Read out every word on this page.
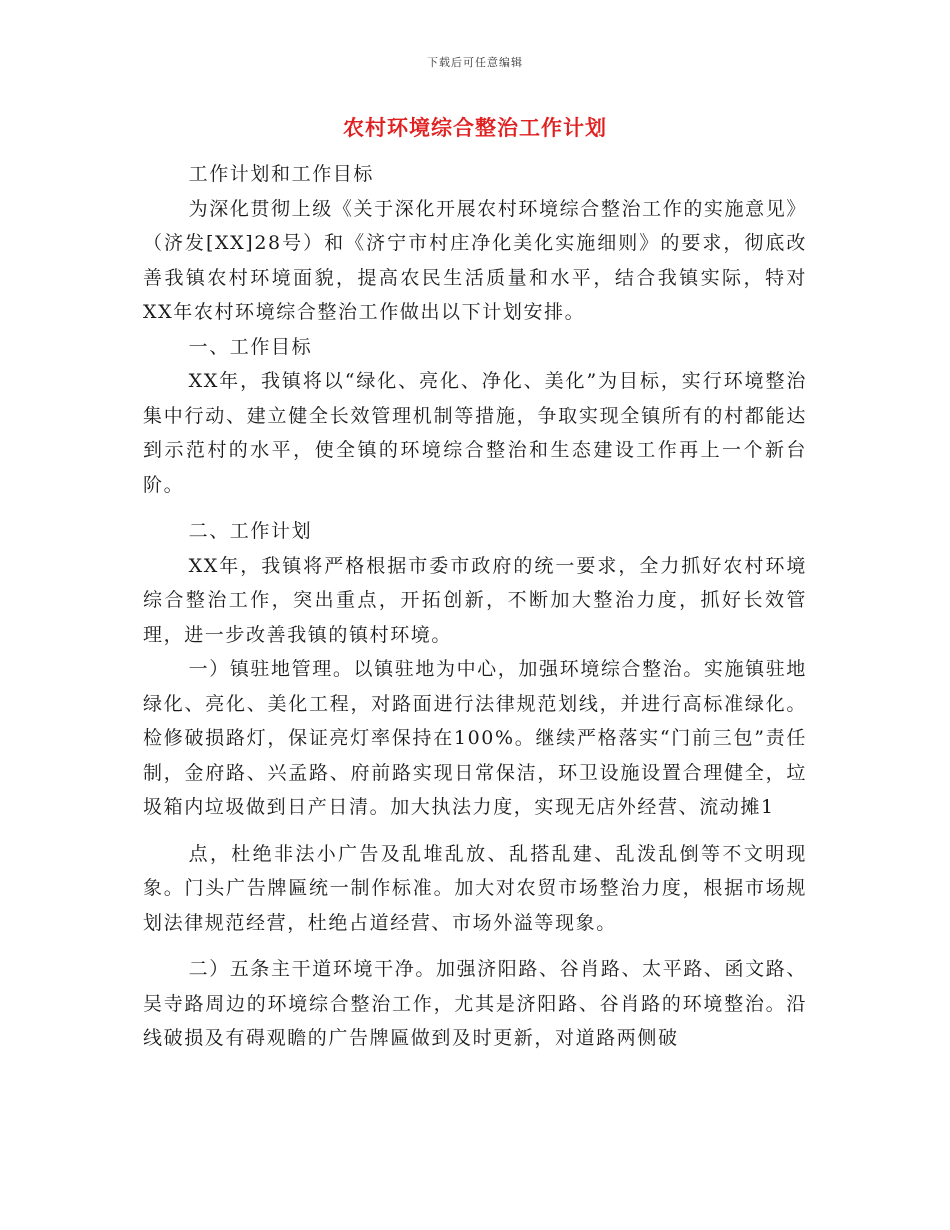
下载后可任意编辑
农村环境综合整治工作计划

工作计划和工作目标

为深化贯彻上级《关于深化开展农村环境综合整治工作的实施意见》（济发[XX]28号）和《济宁市村庄净化美化实施细则》的要求，彻底改善我镇农村环境面貌，提高农民生活质量和水平，结合我镇实际，特对XX年农村环境综合整治工作做出以下计划安排。

一、工作目标

XX年，我镇将以“绿化、亮化、净化、美化”为目标，实行环境整治集中行动、建立健全长效管理机制等措施，争取实现全镇所有的村都能达到示范村的水平，使全镇的环境综合整治和生态建设工作再上一个新台阶。

二、工作计划

XX年，我镇将严格根据市委市政府的统一要求，全力抓好农村环境综合整治工作，突出重点，开拓创新，不断加大整治力度，抓好长效管理，进一步改善我镇的镇村环境。

一）镇驻地管理。以镇驻地为中心，加强环境综合整治。实施镇驻地绿化、亮化、美化工程，对路面进行法律规范划线，并进行高标准绿化。检修破损路灯，保证亮灯率保持在100%。继续严格落实“门前三包”责任制，金府路、兴孟路、府前路实现日常保洁，环卫设施设置合理健全，垃圾箱内垃圾做到日产日清。加大执法力度，实现无店外经营、流动摊1

点，杜绝非法小广告及乱堆乱放、乱搭乱建、乱泼乱倒等不文明现象。门头广告牌匾统一制作标准。加大对农贸市场整治力度，根据市场规划法律规范经营，杜绝占道经营、市场外溢等现象。

二）五条主干道环境干净。加强济阳路、谷肖路、太平路、函文路、吴寺路周边的环境综合整治工作，尤其是济阳路、谷肖路的环境整治。沿线破损及有碍观瞻的广告牌匾做到及时更新，对道路两侧破
